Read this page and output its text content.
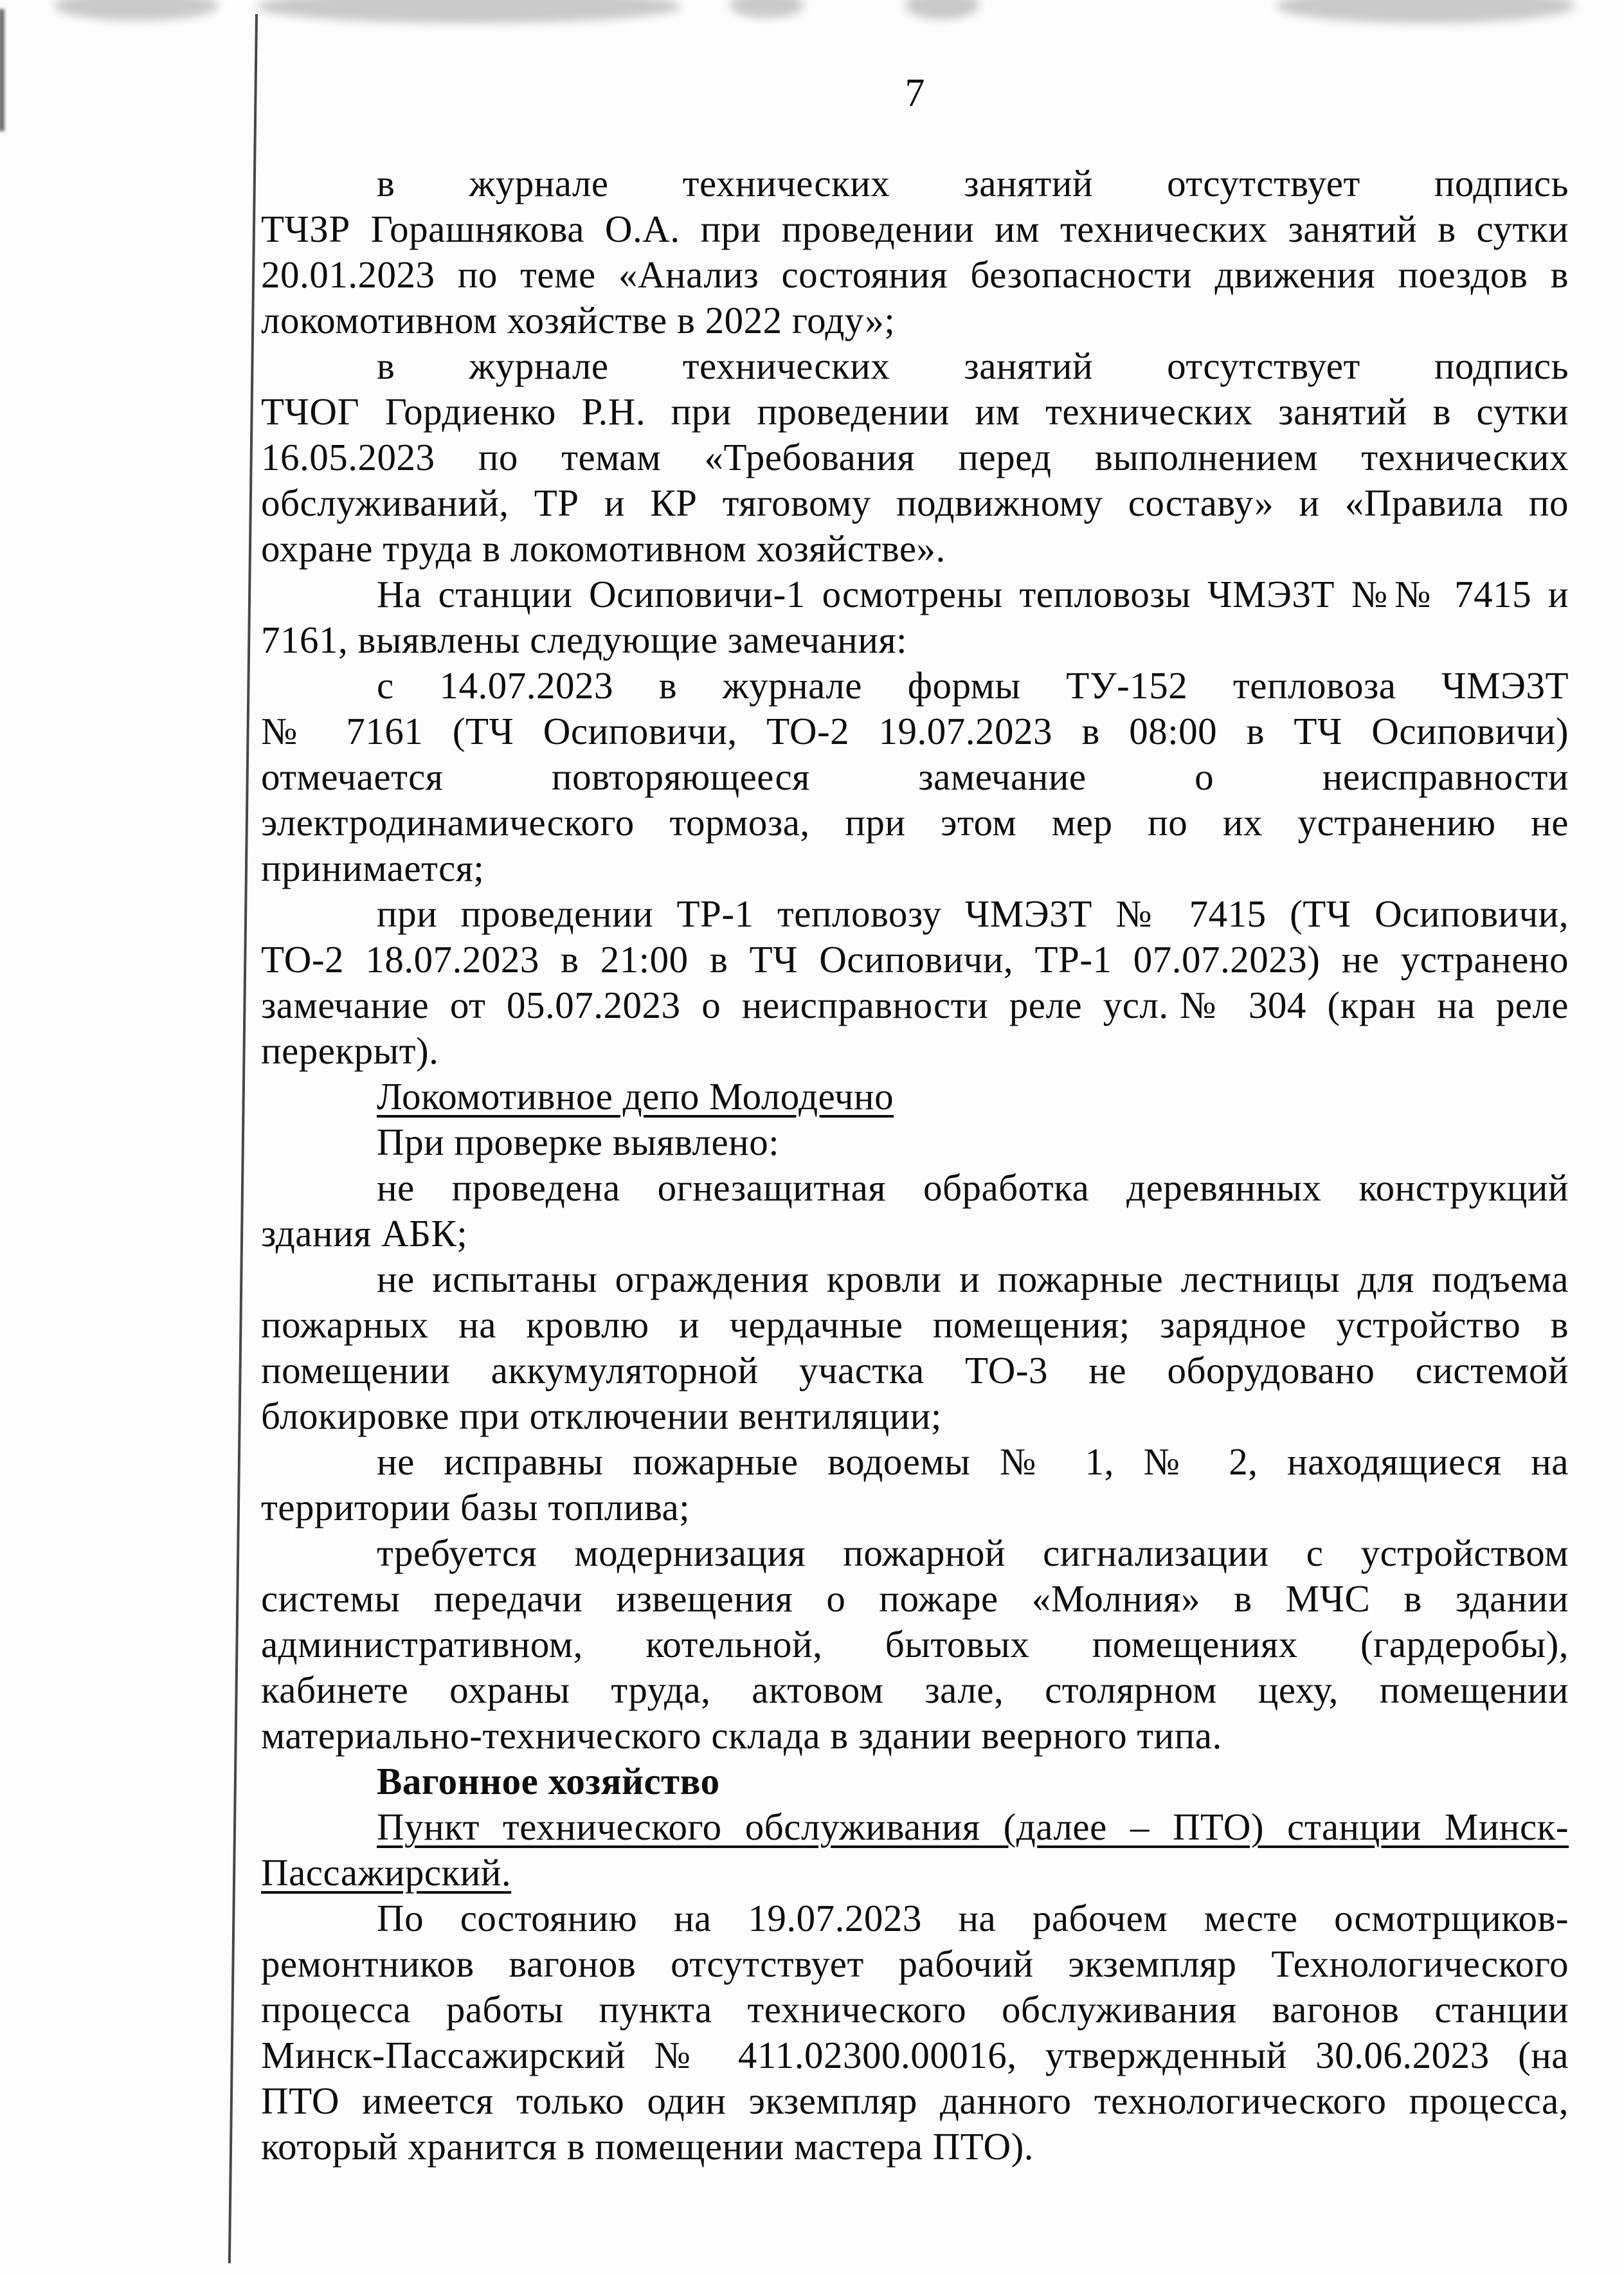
7
в журнале технических занятий отсутствует подпись
ТЧЗР Горашнякова О.А. при проведении им технических занятий в сутки
20.01.2023 по теме «Анализ состояния безопасности движения поездов в
локомотивном хозяйстве в 2022 году»;
в журнале технических занятий отсутствует подпись
ТЧОГ Гордиенко Р.Н. при проведении им технических занятий в сутки
16.05.2023 по темам «Требования перед выполнением технических
обслуживаний, ТР и КР тяговому подвижному составу» и «Правила по
охране труда в локомотивном хозяйстве».
На станции Осиповичи-1 осмотрены тепловозы ЧМЭ3Т №№ 7415 и
7161, выявлены следующие замечания:
с 14.07.2023 в журнале формы ТУ-152 тепловоза ЧМЭ3Т
№ 7161 (ТЧ Осиповичи, ТО-2 19.07.2023 в 08:00 в ТЧ Осиповичи)
отмечается повторяющееся замечание о неисправности
электродинамического тормоза, при этом мер по их устранению не
принимается;
при проведении ТР-1 тепловозу ЧМЭ3Т № 7415 (ТЧ Осиповичи,
ТО-2 18.07.2023 в 21:00 в ТЧ Осиповичи, ТР-1 07.07.2023) не устранено
замечание от 05.07.2023 о неисправности реле усл.№ 304 (кран на реле
перекрыт).
Локомотивное депо Молодечно
При проверке выявлено:
не проведена огнезащитная обработка деревянных конструкций
здания АБК;
не испытаны ограждения кровли и пожарные лестницы для подъема
пожарных на кровлю и чердачные помещения; зарядное устройство в
помещении аккумуляторной участка ТО-3 не оборудовано системой
блокировке при отключении вентиляции;
не исправны пожарные водоемы № 1, № 2, находящиеся на
территории базы топлива;
требуется модернизация пожарной сигнализации с устройством
системы передачи извещения о пожаре «Молния» в МЧС в здании
административном, котельной, бытовых помещениях (гардеробы),
кабинете охраны труда, актовом зале, столярном цеху, помещении
материально-технического склада в здании веерного типа.
Вагонное хозяйство
Пункт технического обслуживания (далее – ПТО) станции Минск-
Пассажирский.
По состоянию на 19.07.2023 на рабочем месте осмотрщиков-
ремонтников вагонов отсутствует рабочий экземпляр Технологического
процесса работы пункта технического обслуживания вагонов станции
Минск-Пассажирский № 411.02300.00016, утвержденный 30.06.2023 (на
ПТО имеется только один экземпляр данного технологического процесса,
который хранится в помещении мастера ПТО).
